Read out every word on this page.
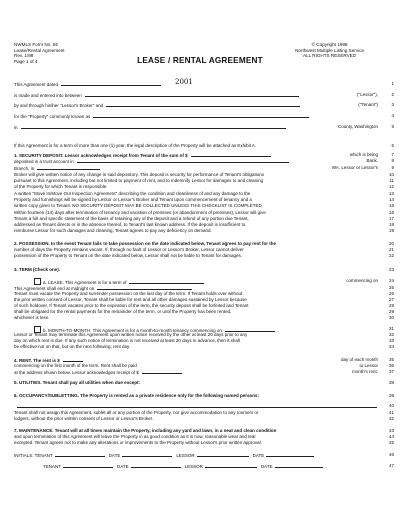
NWMLS Form No. 55
Lease/Rental Agreement
Rev. 1/98
Page 1 of 4
© Copyright 1998
Northwest Multiple Listing Service
ALL RIGHTS RESERVED
LEASE / RENTAL AGREEMENT
This Agreement dated	1
is made and entered into between	("Lessor"),	2
by and through his/her "Lessor's Broker" and	("Tenant")	3
for the "Property" commonly known as	4
in	County, Washington	5
If this Agreement is for a term of more than one (1) year, the legal description of the Property will be attached as Exhibit A.	6
1. SECURITY DEPOSIT. Lessor acknowledges receipt from Tenant of the sum of $	which is being	7
deposited in a trust account in	Bank,	8
Branch, in	WA. Lessor or Lessor's	9
Broker will give written notice of any change in said depository. This deposit is security for performance of Tenant's obligations	10
pursuant to this Agreement, including but not limited to payment of rent, and to indemnify Lessor for damages to and cleaning	11
of the Property for which Tenant is responsible.	12
A written "Move In/Move Out Inspection Agreement" describing the condition and cleanliness of and any damage to the	13
Property and furnishings will be signed by Lessor or Lessor's Broker and Tenant upon commencement of tenancy and a	14
written copy given to Tenant. NO SECURITY DEPOSIT MAY BE COLLECTED UNLESS THIS CHECKLIST IS COMPLETED.	15
Within fourteen (14) days after termination of tenancy and vacation of premises (or abandonment of premises), Lessor will give	16
Tenant a full and specific statement of the basis of retaining any of the deposit and a refund of any portion due Tenant,	17
addressed as Tenant directs or in the absence thereof, to Tenant's last known address. If the deposit is insufficient to	18
reimburse Lessor for such damages and cleaning, Tenant agrees to pay any deficiency on demand.	19
2. POSSESSION. In the event Tenant fails to take possession on the date indicated below, Tenant agrees to pay rent for the	20
number of days the Property remains vacant. If, through no fault of Lessor or Lessor's Broker, Lessor cannot deliver	21
possession of the Property to Tenant on the date indicated below, Lessor shall not be liable to Tenant for damages.	22
3. TERM (Check one).	23
a. LEASE. This Agreement is for a term of	commencing on	24
This Agreement shall end at midnight on	25
Tenant must vacate the Property and surrender possession on the last day of the term. If Tenant holds over without	26
the prior written consent of Lessor, Tenant shall be liable for rent and all other damages sustained by Lessor because	27
of such holdover. If Tenant vacates prior to the expiration of the term, the security deposit shall be forfeited and Tenant	28
shall be obligated for the rental payments for the remainder of the term, or until the Property has been rented,	29
whichever is less.	30
b. MONTH-TO-MONTH. This Agreement is for a month-to-month tenancy commencing on	31
Lessor or Tenant may terminate this Agreement upon written notice received by the other at least 20 days prior to any	32
day on which rent is due. If any such notice of termination is not received at least 20 days in advance, then it shall	33
be effective not on that, but on the next following, rent day.	34
4. RENT. The rent is $	day of each month	35
commencing on the first month of the term. Rent shall be paid	to Lessor	36
at the address shown below. Lessor acknowledges receipt of $	month's rent.	37
5. UTILITIES. Tenant shall pay all utilities when due except:	38
6. OCCUPANCY/SUBLETTING. The Property is rented as a private residence only for the following named persons:	39
40
Tenant shall not assign this Agreement, sublet all or any portion of the Property, nor give accommodation to any roomers or	41
lodgers, without the prior written consent of Lessor or Lessor's Broker.	42
7. MAINTENANCE. Tenant will at all times maintain the Property, including any yard and lawn, in a neat and clean condition	43
and upon termination of this Agreement will leave the Property in as good condition as it is now, reasonable wear and tear	44
excepted. Tenant agrees not to make any alterations or improvements to the Property without Lessor's prior written approval.	45
2001
INITIALS: TENANT	DATE	LESSOR	DATE	46
TENANT	DATE	LESSOR	DATE	47
